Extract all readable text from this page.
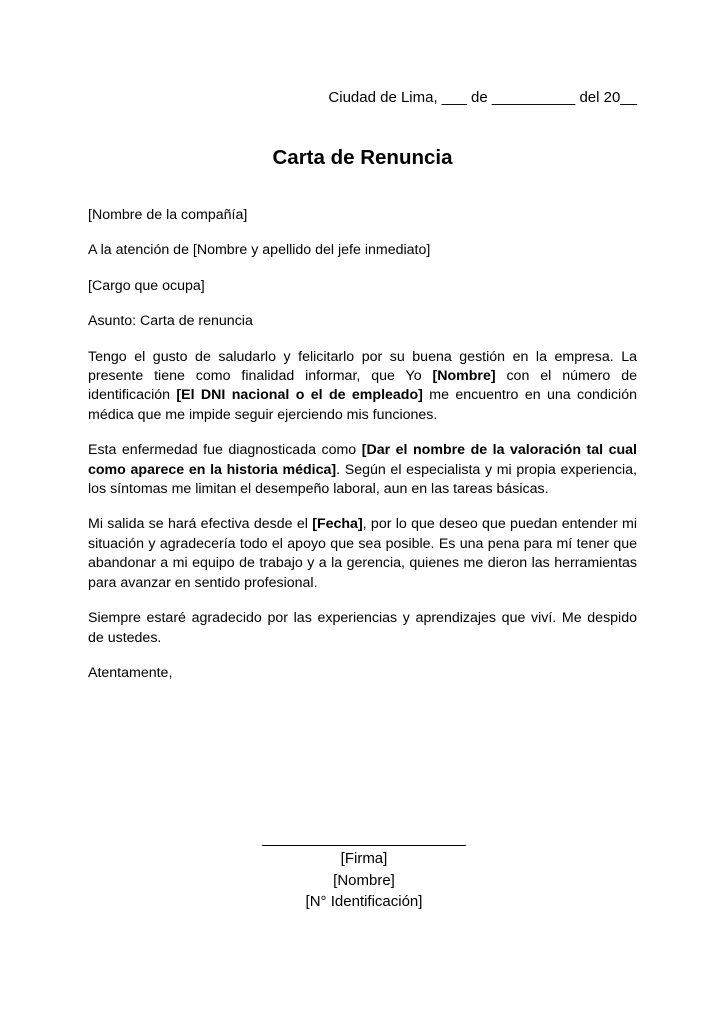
Ciudad de Lima, ___ de __________ del 20__
Carta de Renuncia

[Nombre de la compañía]

A la atención de [Nombre y apellido del jefe inmediato]

[Cargo que ocupa]

Asunto: Carta de renuncia

Tengo el gusto de saludarlo y felicitarlo por su buena gestión en la empresa. La presente tiene como finalidad informar, que Yo [Nombre] con el número de identificación [El DNI nacional o el de empleado] me encuentro en una condición médica que me impide seguir ejerciendo mis funciones.

Esta enfermedad fue diagnosticada como [Dar el nombre de la valoración tal cual como aparece en la historia médica]. Según el especialista y mi propia experiencia, los síntomas me limitan el desempeño laboral, aun en las tareas básicas.

Mi salida se hará efectiva desde el [Fecha], por lo que deseo que puedan entender mi situación y agradecería todo el apoyo que sea posible. Es una pena para mí tener que abandonar a mi equipo de trabajo y a la gerencia, quienes me dieron las herramientas para avanzar en sentido profesional.

Siempre estaré agradecido por las experiencias y aprendizajes que viví. Me despido de ustedes.

Atentamente,

[Firma]
[Nombre]
[N° Identificación]
